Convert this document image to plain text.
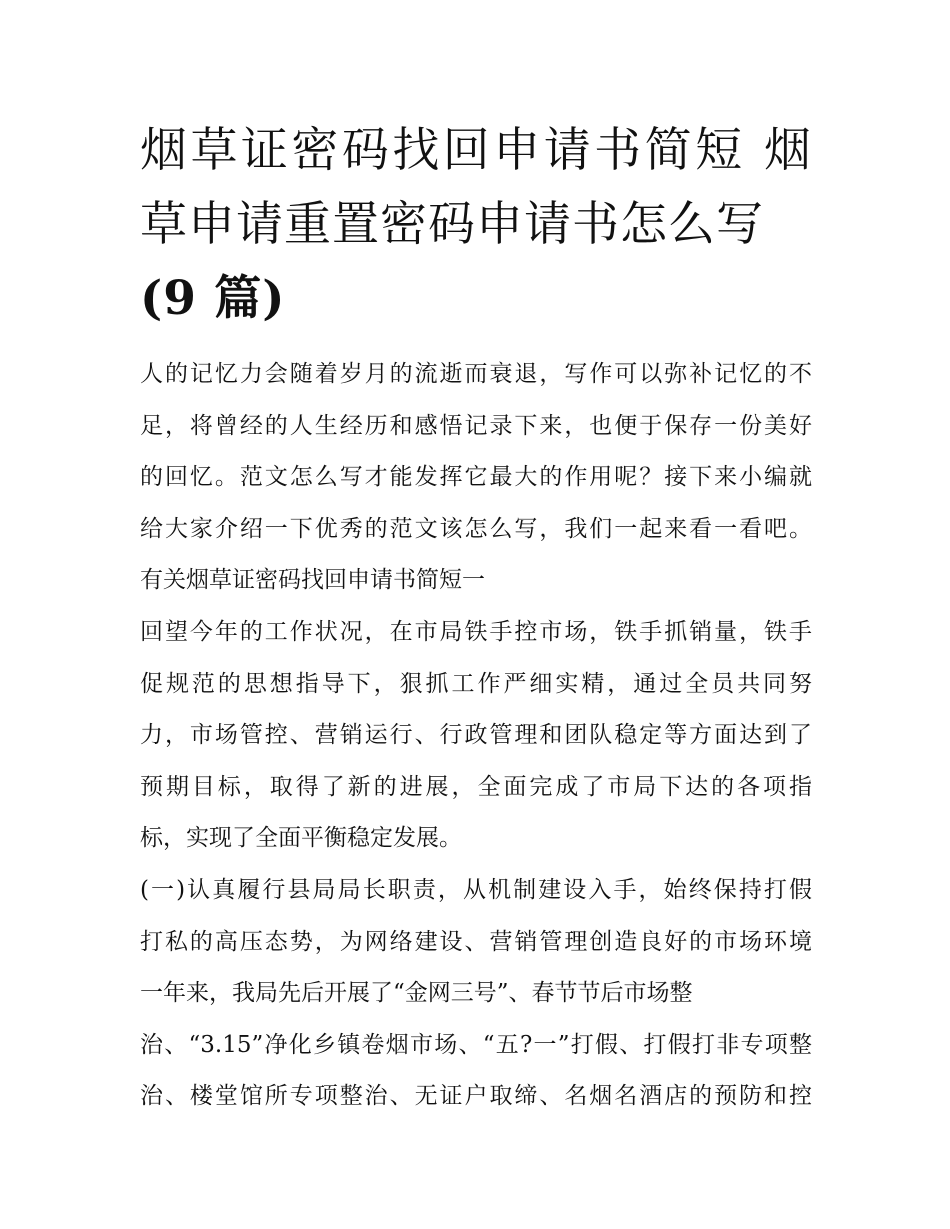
烟草证密码找回申请书简短 烟草申请重置密码申请书怎么写
(9 篇)
人的记忆力会随着岁月的流逝而衰退，写作可以弥补记忆的不
足，将曾经的人生经历和感悟记录下来，也便于保存一份美好
的回忆。范文怎么写才能发挥它最大的作用呢？接下来小编就
给大家介绍一下优秀的范文该怎么写，我们一起来看一看吧。
有关烟草证密码找回申请书简短一
回望今年的工作状况，在市局铁手控市场，铁手抓销量，铁手
促规范的思想指导下，狠抓工作严细实精，通过全员共同努
力，市场管控、营销运行、行政管理和团队稳定等方面达到了
预期目标，取得了新的进展，全面完成了市局下达的各项指
标，实现了全面平衡稳定发展。
(一)认真履行县局局长职责，从机制建设入手，始终保持打假
打私的高压态势，为网络建设、营销管理创造良好的市场环境
一年来，我局先后开展了“金网三号”、春节节后市场整
治、“3.15”净化乡镇卷烟市场、“五?一”打假、打假打非专项整
治、楼堂馆所专项整治、无证户取缔、名烟名酒店的预防和控
